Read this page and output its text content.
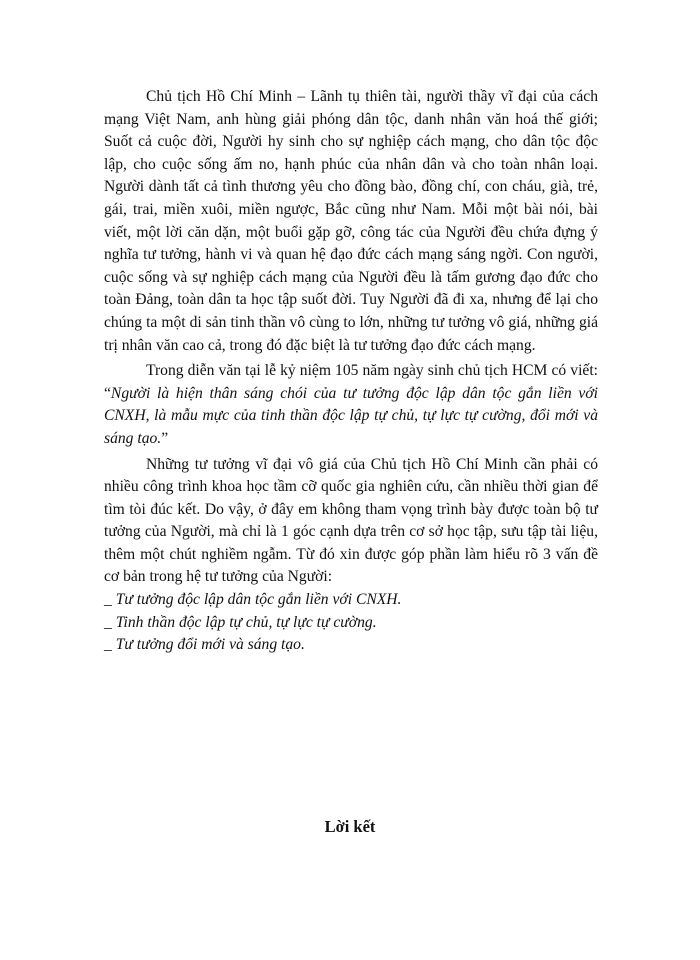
Chủ tịch Hồ Chí Minh – Lãnh tụ thiên tài, người thầy vĩ đại của cách mạng Việt Nam, anh hùng giải phóng dân tộc, danh nhân văn hoá thế giới; Suốt cả cuộc đời, Người hy sinh cho sự nghiệp cách mạng, cho dân tộc độc lập, cho cuộc sống ấm no, hạnh phúc của nhân dân và cho toàn nhân loại. Người dành tất cả tình thương yêu cho đồng bào, đồng chí, con cháu, già, trẻ, gái, trai, miền xuôi, miền ngược, Bắc cũng như Nam. Mỗi một bài nói, bài viết, một lời căn dặn, một buổi gặp gỡ, công tác của Người đều chứa đựng ý nghĩa tư tưởng, hành vi và quan hệ đạo đức cách mạng sáng ngời. Con người, cuộc sống và sự nghiệp cách mạng của Người đều là tấm gương đạo đức cho toàn Đảng, toàn dân ta học tập suốt đời. Tuy Người đã đi xa, nhưng để lại cho chúng ta một di sản tinh thần vô cùng to lớn, những tư tưởng vô giá, những giá trị nhân văn cao cả, trong đó đặc biệt là tư tưởng đạo đức cách mạng.

Trong diễn văn tại lễ kỷ niệm 105 năm ngày sinh chủ tịch HCM có viết: “Người là hiện thân sáng chói của tư tưởng độc lập dân tộc gắn liền với CNXH, là mẫu mực của tinh thần độc lập tự chủ, tự lực tự cường, đổi mới và sáng tạo.”

Những tư tưởng vĩ đại vô giá của Chủ tịch Hồ Chí Minh cần phải có nhiều công trình khoa học tầm cỡ quốc gia nghiên cứu, cần nhiều thời gian để tìm tòi đúc kết. Do vậy, ở đây em không tham vọng trình bày được toàn bộ tư tưởng của Người, mà chỉ là 1 góc cạnh dựa trên cơ sở học tập, sưu tập tài liệu, thêm một chút nghiềm ngẫm. Từ đó xin được góp phần làm hiểu rõ 3 vấn đề cơ bản trong hệ tư tưởng của Người:

_ Tư tưởng độc lập dân tộc gắn liền với CNXH.

_ Tinh thần độc lập tự chủ, tự lực tự cường.

_ Tư tưởng đổi mới và sáng tạo.

Lời kết
